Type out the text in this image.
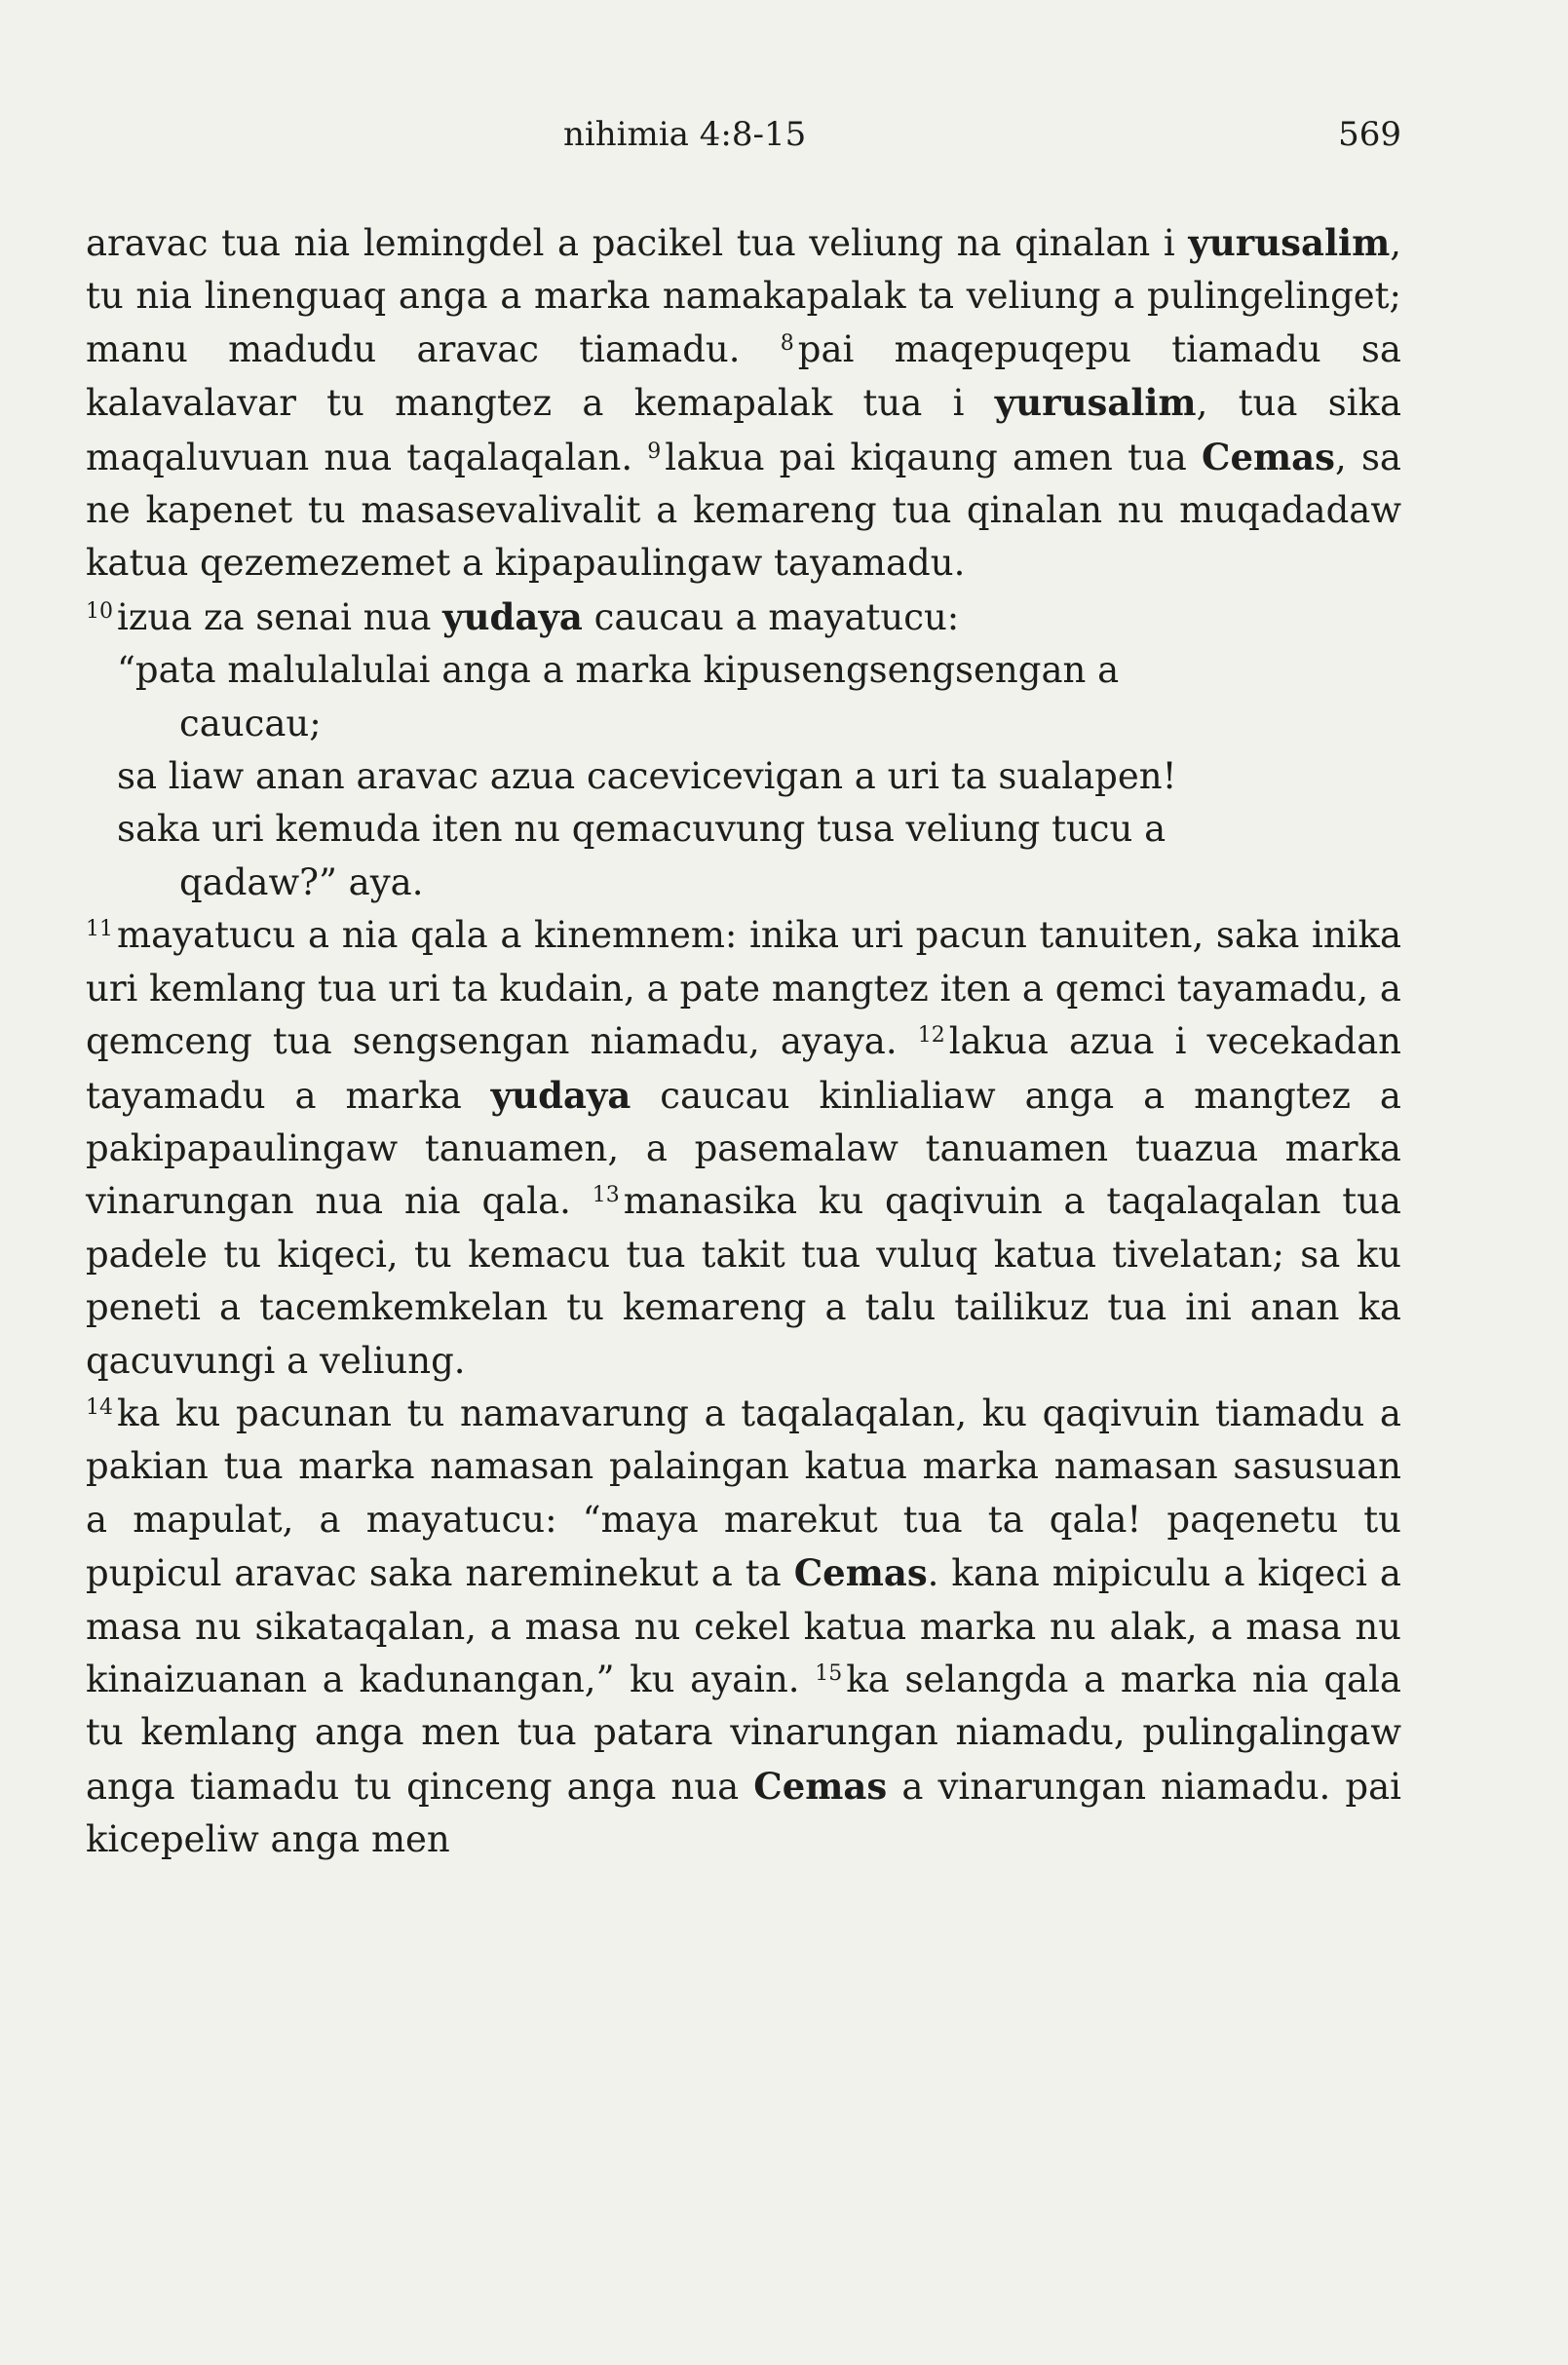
nihimia 4:8-15	569

aravac tua nia lemingdel a pacikel tua veliung na qinalan i yurusalim, tu nia linenguaq anga a marka namakapalak ta veliung a pulingelinget; manu madudu aravac tiamadu. $^8$ pai maqepuqepu tiamadu sa kalavalavar tu mangtez a kemapalak tua i yurusalim, tua sika maqaluvuan nua taqalaqalan. $^9$ lakua pai kiqaung amen tua Cemas, sa ne kapenet tu masasevalivalit a kemareng tua qinalan nu muqadadaw katua qezemezemet a kipapaulingaw tayamadu.

$^{10}$ izua za senai nua yudaya caucau a mayatucu:

“pata malulalulai anga a marka kipusengsengsengan a
caucau;
sa liaw anan aravac azua cacevicevigan a uri ta sualapen!
saka uri kemuda iten nu qemacuvung tusa veliung tucu a
qadaw?” aya.

$^{11}$ mayatucu a nia qala a kinemnem: inika uri pacun tanuiten, saka inika uri kemlang tua uri ta kudain, a pate mangtez iten a qemci tayamadu, a qemceng tua sengsengan niamadu, ayaya. $^{12}$ lakua azua i vecekadan tayamadu a marka yudaya caucau kinlialiaw anga a mangtez a pakipapaulingaw tanuamen, a pasemalaw tanuamen tuazua marka vinarungan nua nia qala. $^{13}$ manasika ku qaqivuin a taqalaqalan tua padele tu kiqeci, tu kemacu tua takit tua vuluq katua tivelatan; sa ku peneti a tacemkemkelan tu kemareng a talu tailikuz tua ini anan ka qacuvungi a veliung.

$^{14}$ ka ku pacunan tu namavarung a taqalaqalan, ku qaqivuin tiamadu a pakian tua marka namasan palaingan katua marka namasan sasusuan a mapulat, a mayatucu: “maya marekut tua ta qala! paqenetu tu pupicul aravac saka nareminekut a ta Cemas. kana mipiculu a kiqeci a masa nu sikataqalan, a masa nu cekel katua marka nu alak, a masa nu kinaizuanan a kadunangan,” ku ayain. $^{15}$ ka selangda a marka nia qala tu kemlang anga men tua patara vinarungan niamadu, pulingalingaw anga tiamadu tu qinceng anga nua Cemas a vinarungan niamadu. pai kicepeliw anga men
